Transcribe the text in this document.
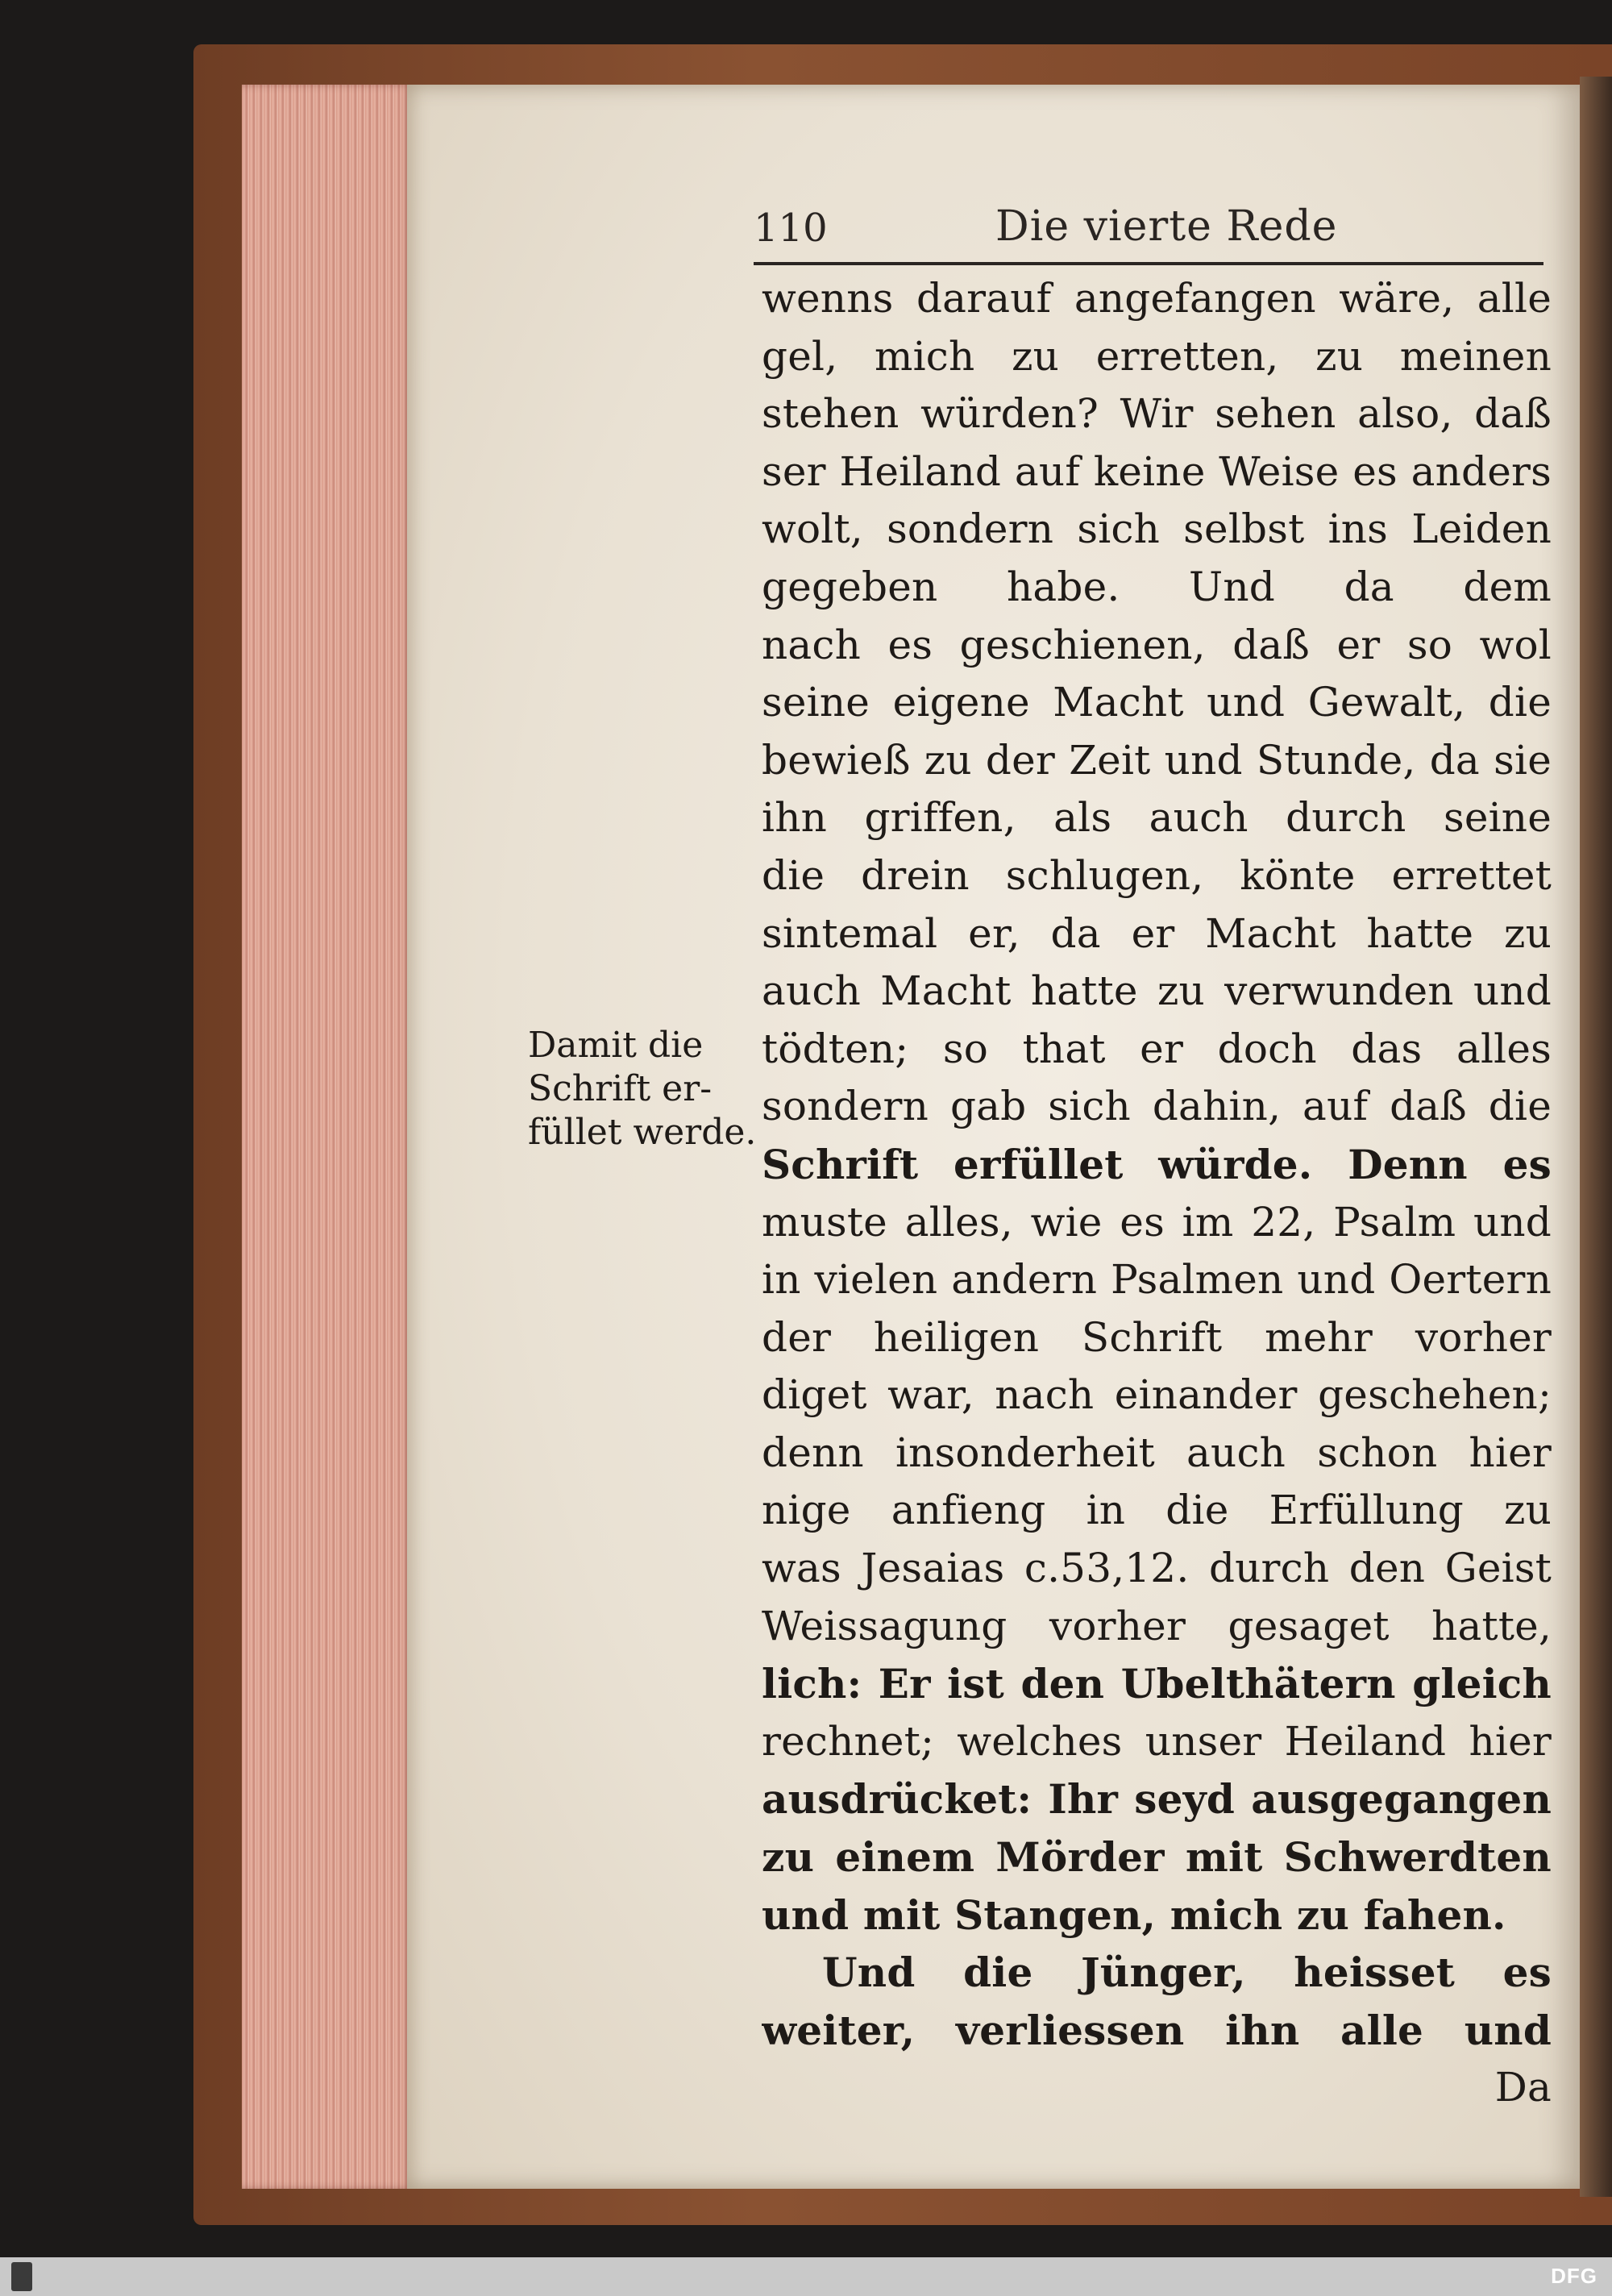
110	Die vierte Rede
Damit die
Schrift er-
füllet werde.
wenns darauf angefangen wäre, alle
gel, mich zu erretten, zu meinen
stehen würden? Wir sehen also, daß
ser Heiland auf keine Weise es anders
wolt, sondern sich selbst ins Leiden
gegeben habe. Und da dem
nach es geschienen, daß er so wol
seine eigene Macht und Gewalt, die
bewieß zu der Zeit und Stunde, da sie
ihn griffen, als auch durch seine
die drein schlugen, könte errettet
sintemal er, da er Macht hatte zu
auch Macht hatte zu verwunden und
tödten; so that er doch das alles
sondern gab sich dahin, auf daß die
Schrift erfüllet würde. Denn es
muste alles, wie es im 22, Psalm und
in vielen andern Psalmen und Oertern
der heiligen Schrift mehr vorher
diget war, nach einander geschehen;
denn insonderheit auch schon hier
nige anfieng in die Erfüllung zu
was Jesaias c.53,12. durch den Geist
Weissagung vorher gesaget hatte,
lich: Er ist den Ubelthätern gleich
rechnet; welches unser Heiland hier
ausdrücket: Ihr seyd ausgegangen
zu einem Mörder mit Schwerdten
und mit Stangen, mich zu fahen.
Und die Jünger, heisset es
weiter, verliessen ihn alle und
Da
DFG
